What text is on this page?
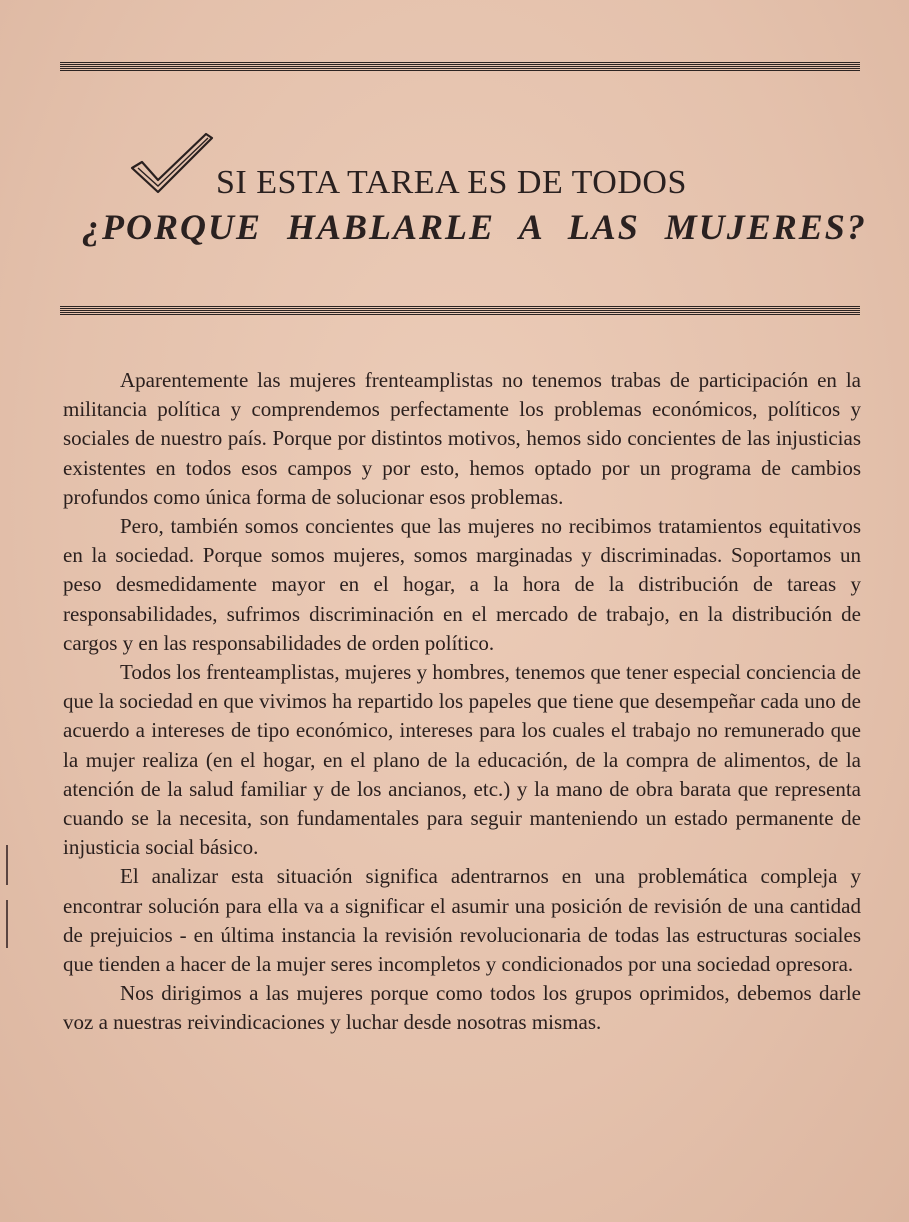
SI ESTA TAREA ES DE TODOS
¿PORQUE HABLARLE A LAS MUJERES?

Aparentemente las mujeres frenteamplistas no tenemos trabas de participación en la militancia política y comprendemos perfectamente los problemas económicos, políticos y sociales de nuestro país. Porque por distintos motivos, hemos sido concientes de las injusticias existentes en todos esos campos y por esto, hemos optado por un programa de cambios profundos como única forma de solucionar esos problemas.

Pero, también somos concientes que las mujeres no recibimos tratamientos equitativos en la sociedad. Porque somos mujeres, somos marginadas y discriminadas. Soportamos un peso desmedidamente mayor en el hogar, a la hora de la distribución de tareas y responsabilidades, sufrimos discriminación en el mercado de trabajo, en la distribución de cargos y en las responsabilidades de orden político.

Todos los frenteamplistas, mujeres y hombres, tenemos que tener especial conciencia de que la sociedad en que vivimos ha repartido los papeles que tiene que desempeñar cada uno de acuerdo a intereses de tipo económico, intereses para los cuales el trabajo no remunerado que la mujer realiza (en el hogar, en el plano de la educación, de la compra de alimentos, de la atención de la salud familiar y de los ancianos, etc.) y la mano de obra barata que representa cuando se la necesita, son fundamentales para seguir manteniendo un estado permanente de injusticia social básico.

El analizar esta situación significa adentrarnos en una problemática compleja y encontrar solución para ella va a significar el asumir una posición de revisión de una cantidad de prejuicios - en última instancia la revisión revolucionaria de todas las estructuras sociales que tienden a hacer de la mujer seres incompletos y condicionados por una sociedad opresora.

Nos dirigimos a las mujeres porque como todos los grupos oprimidos, debemos darle voz a nuestras reivindicaciones y luchar desde nosotras mismas.
